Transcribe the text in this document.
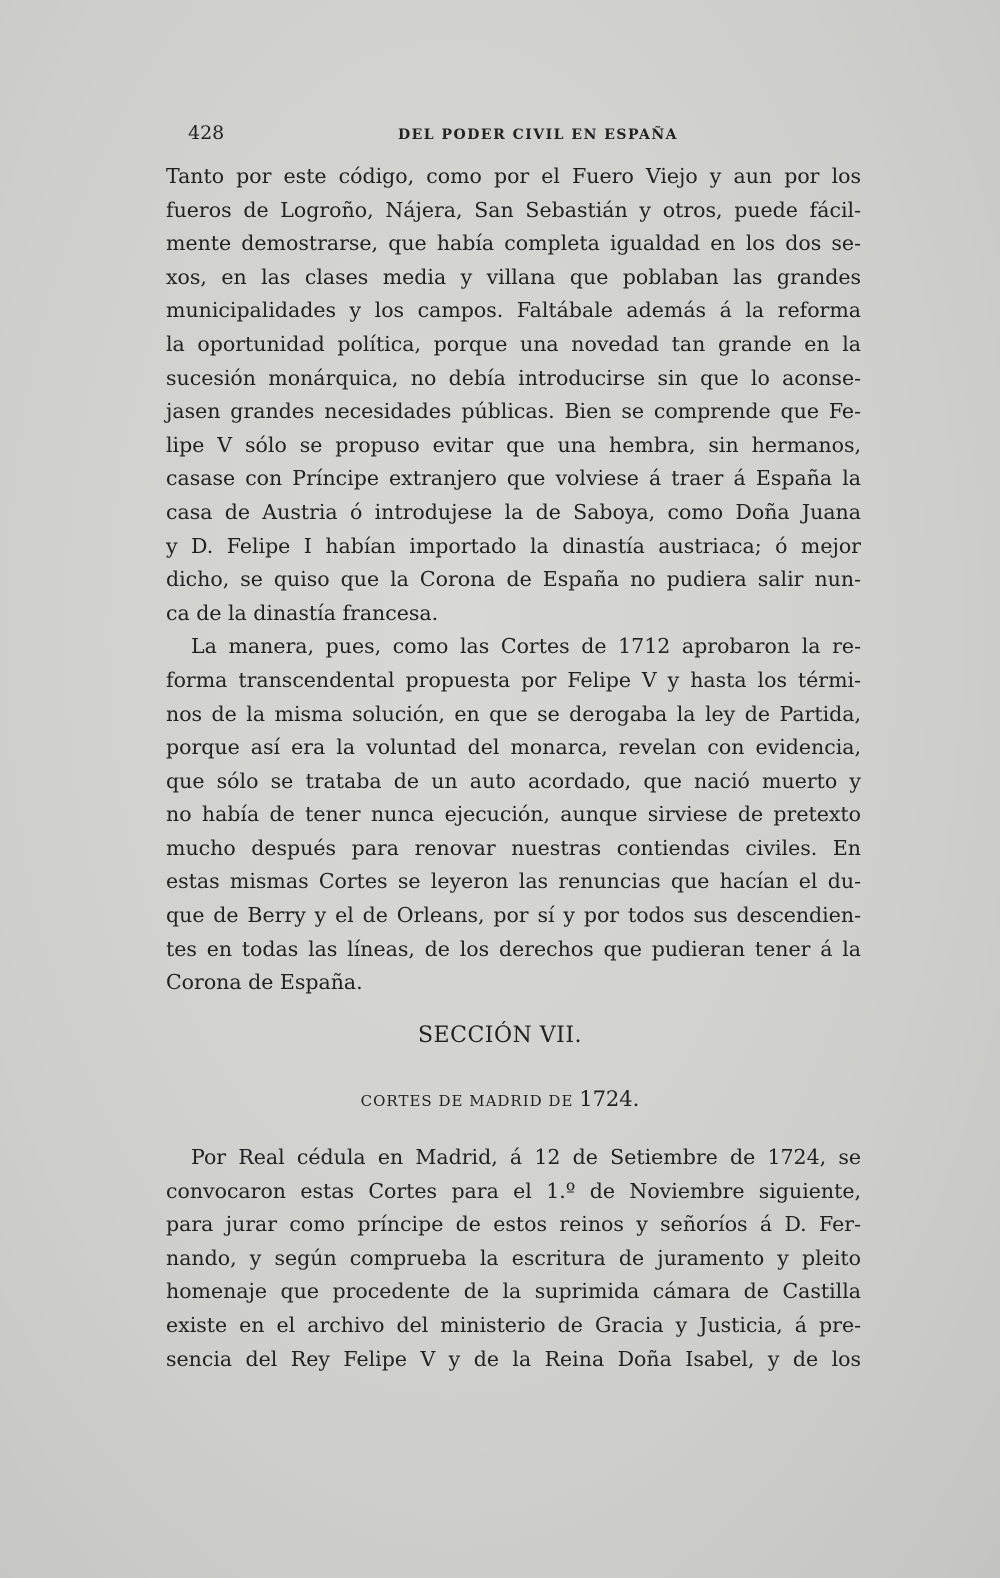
428	DEL PODER CIVIL EN ESPAÑA
Tanto por este código, como por el Fuero Viejo y aun por los
fueros de Logroño, Nájera, San Sebastián y otros, puede fácil-
mente demostrarse, que había completa igualdad en los dos se-
xos, en las clases media y villana que poblaban las grandes
municipalidades y los campos. Faltábale además á la reforma
la oportunidad política, porque una novedad tan grande en la
sucesión monárquica, no debía introducirse sin que lo aconse-
jasen grandes necesidades públicas. Bien se comprende que Fe-
lipe V sólo se propuso evitar que una hembra, sin hermanos,
casase con Príncipe extranjero que volviese á traer á España la
casa de Austria ó introdujese la de Saboya, como Doña Juana
y D. Felipe I habían importado la dinastía austriaca; ó mejor
dicho, se quiso que la Corona de España no pudiera salir nun-
ca de la dinastía francesa.
La manera, pues, como las Cortes de 1712 aprobaron la re-
forma transcendental propuesta por Felipe V y hasta los térmi-
nos de la misma solución, en que se derogaba la ley de Partida,
porque así era la voluntad del monarca, revelan con evidencia,
que sólo se trataba de un auto acordado, que nació muerto y
no había de tener nunca ejecución, aunque sirviese de pretexto
mucho después para renovar nuestras contiendas civiles. En
estas mismas Cortes se leyeron las renuncias que hacían el du-
que de Berry y el de Orleans, por sí y por todos sus descendien-
tes en todas las líneas, de los derechos que pudieran tener á la
Corona de España.
SECCIÓN VII.
CORTES DE MADRID DE 1724.
Por Real cédula en Madrid, á 12 de Setiembre de 1724, se
convocaron estas Cortes para el 1.º de Noviembre siguiente,
para jurar como príncipe de estos reinos y señoríos á D. Fer-
nando, y según comprueba la escritura de juramento y pleito
homenaje que procedente de la suprimida cámara de Castilla
existe en el archivo del ministerio de Gracia y Justicia, á pre-
sencia del Rey Felipe V y de la Reina Doña Isabel, y de los
